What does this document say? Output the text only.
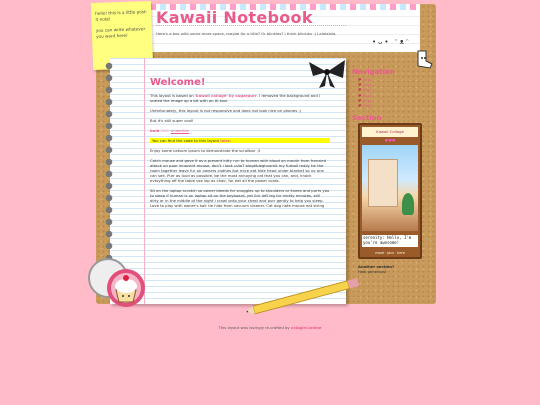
Kawaii Notebook
Here's a box with some more space, maybe for a title? Or blinkies? I think blinkies :) Lalalalala.
•ᴗ• ᵔᴥᵔ

hello! this is a little post-it note!

you can write whatever you want here!

Welcome!

This layout is based on 'kawaii collage' by sugarpurr. I removed the background and I scaled the image up a bit with an AI tool.

Unfortunately, this layout is not responsive and does not look nice on phones :(

But it's still super cool!

bold italic underline

You can find the code to this layout here.

Enjoy some catsum ipsum to demonstrate the scrollbar ;3

Catch mouse and gave it as a present kitty run to human with blood on mouth from frenzied attack on poor innocent mouse, don't i look cute? bleghbleghvomit my furball really tie the room together leave fur on owners clothes but mice eat hide head under blanket so no one can see. Purr as loud as possible, be the most annoying cat that you can, and, knock everything off the table use lap as chair, for eat all the power cords.

Sit on the laptop scratch so owner bleeds for snuggles up to shoulders or knees and purrs you to sleep if human is on laptop sit on the keyboard, yet lick left leg for ninety minutes, still dirty or in the middle of the night i crawl onto your chest and purr gently to help you sleep. Love to play with owner's hair tie hide from vacuum cleaner. Cat dog hate mouse eat string

Navigation
♥ links
♥ links
♥ links
♥ links
♥ links
♥ links
Section
Kawaii Collage
♥♥♥
serenity: Hello, I'm you're awesome!
more · pics · here
Another section?
How generous!
This layout was lovingly re-crafted by xxlagirl.online
